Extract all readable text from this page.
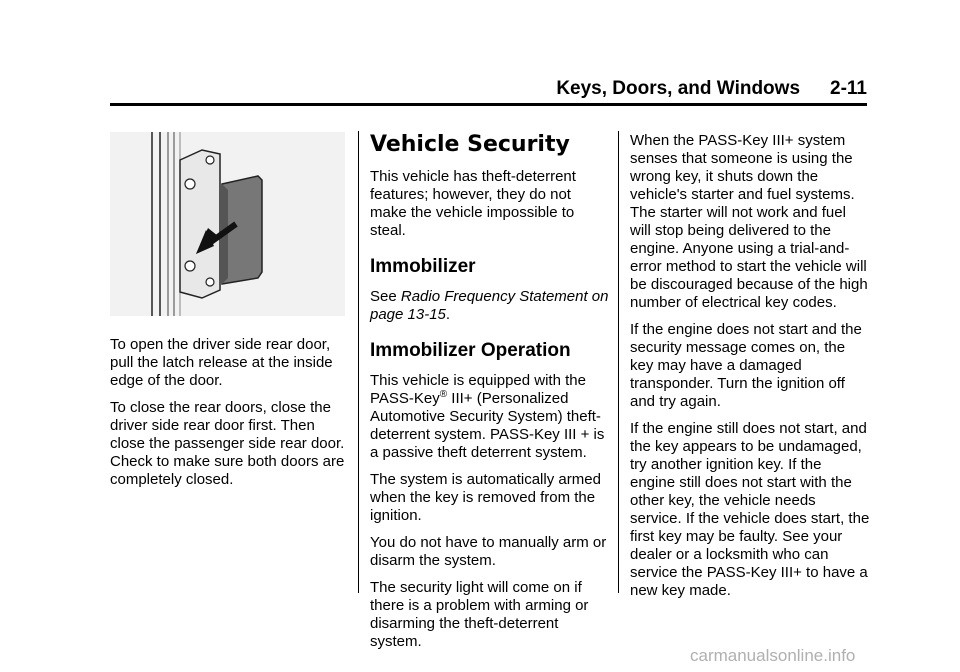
Keys, Doors, and Windows 2-11

To open the driver side rear door, pull the latch release at the inside edge of the door.

To close the rear doors, close the driver side rear door first. Then close the passenger side rear door. Check to make sure both doors are completely closed.

Vehicle Security

This vehicle has theft-deterrent features; however, they do not make the vehicle impossible to steal.

Immobilizer

See Radio Frequency Statement on page 13-15.

Immobilizer Operation

This vehicle is equipped with the PASS-Key® III+ (Personalized Automotive Security System) theft-deterrent system. PASS-Key III + is a passive theft deterrent system.

The system is automatically armed when the key is removed from the ignition.

You do not have to manually arm or disarm the system.

The security light will come on if there is a problem with arming or disarming the theft-deterrent system.

When the PASS-Key III+ system senses that someone is using the wrong key, it shuts down the vehicle's starter and fuel systems. The starter will not work and fuel will stop being delivered to the engine. Anyone using a trial-and-error method to start the vehicle will be discouraged because of the high number of electrical key codes.

If the engine does not start and the security message comes on, the key may have a damaged transponder. Turn the ignition off and try again.

If the engine still does not start, and the key appears to be undamaged, try another ignition key. If the engine still does not start with the other key, the vehicle needs service. If the vehicle does start, the first key may be faulty. See your dealer or a locksmith who can service the PASS-Key III+ to have a new key made.

carmanualsonline.info
